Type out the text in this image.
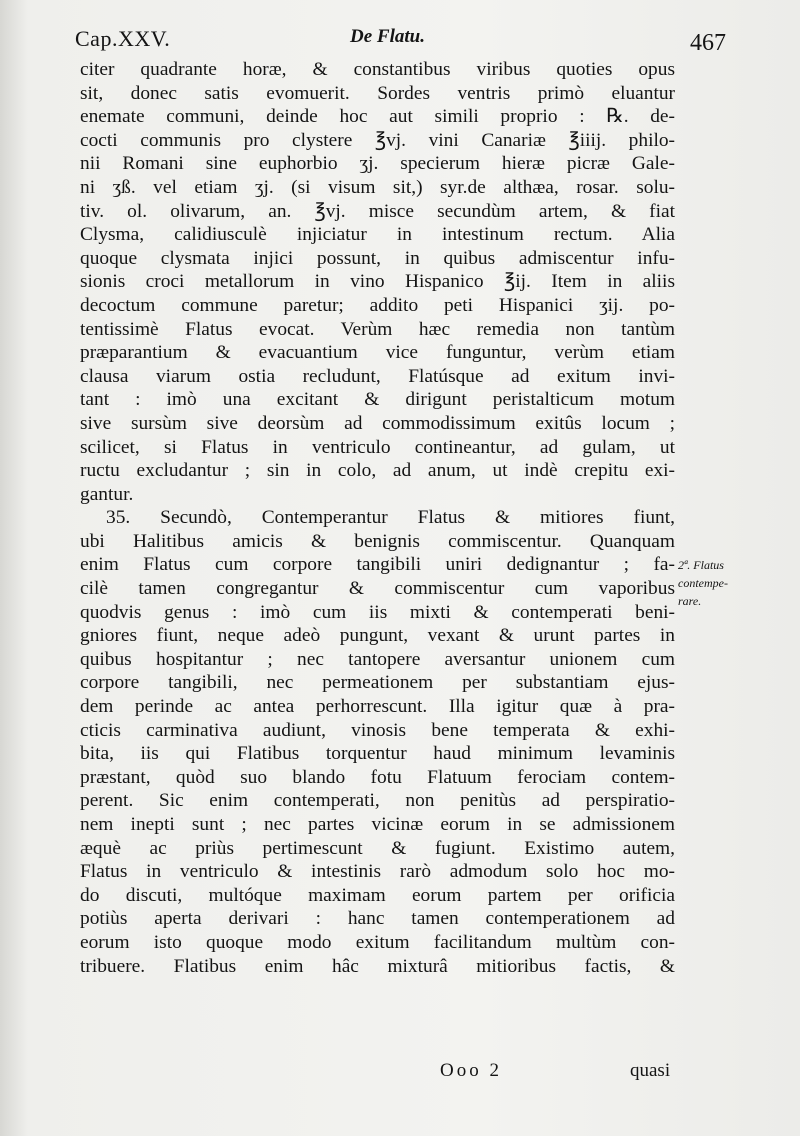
Cap.XXV.	De Flatu.	467
citer quadrante horæ, & constantibus viribus quoties opus
sit, donec satis evomuerit. Sordes ventris primò eluantur
enemate communi, deinde hoc aut simili proprio : ℞. de-
cocti communis pro clystere ℥vj. vini Canariæ ℥iiij. philo-
nii Romani sine euphorbio ʒj. specierum hieræ picræ Gale-
ni ʒß. vel etiam ʒj. (si visum sit,) syr.de althæa, rosar. solu-
tiv. ol. olivarum, an. ℥vj. misce secundùm artem, & fiat
Clysma, calidiusculè injiciatur in intestinum rectum. Alia
quoque clysmata injici possunt, in quibus admiscentur infu-
sionis croci metallorum in vino Hispanico ℥ij. Item in aliis
decoctum commune paretur; addito peti Hispanici ʒij. po-
tentissimè Flatus evocat. Verùm hæc remedia non tantùm
præparantium & evacuantium vice funguntur, verùm etiam
clausa viarum ostia recludunt, Flatúsque ad exitum invi-
tant : imò una excitant & dirigunt peristalticum motum
sive sursùm sive deorsùm ad commodissimum exitûs locum ;
scilicet, si Flatus in ventriculo contineantur, ad gulam, ut
ructu excludantur ; sin in colo, ad anum, ut indè crepitu exi-
gantur.
35. Secundò, Contemperantur Flatus & mitiores fiunt,
ubi Halitibus amicis & benignis commiscentur. Quanquam
enim Flatus cum corpore tangibili uniri dedignantur ; fa-
cilè tamen congregantur & commiscentur cum vaporibus
quodvis genus : imò cum iis mixti & contemperati beni-
gniores fiunt, neque adeò pungunt, vexant & urunt partes in
quibus hospitantur ; nec tantopere aversantur unionem cum
corpore tangibili, nec permeationem per substantiam ejus-
dem perinde ac antea perhorrescunt. Illa igitur quæ à pra-
cticis carminativa audiunt, vinosis bene temperata & exhi-
bita, iis qui Flatibus torquentur haud minimum levaminis
præstant, quòd suo blando fotu Flatuum ferociam contem-
perent. Sic enim contemperati, non penitùs ad perspiratio-
nem inepti sunt ; nec partes vicinæ eorum in se admissionem
æquè ac priùs pertimescunt & fugiunt. Existimo autem,
Flatus in ventriculo & intestinis rarò admodum solo hoc mo-
do discuti, multóque maximam eorum partem per orificia
potiùs aperta derivari : hanc tamen contemperationem ad
eorum isto quoque modo exitum facilitandum multùm con-
tribuere. Flatibus enim hâc mixturâ mitioribus factis, &
2ª. Flatus
contempe-
rare.
Ooo 2	quasi
